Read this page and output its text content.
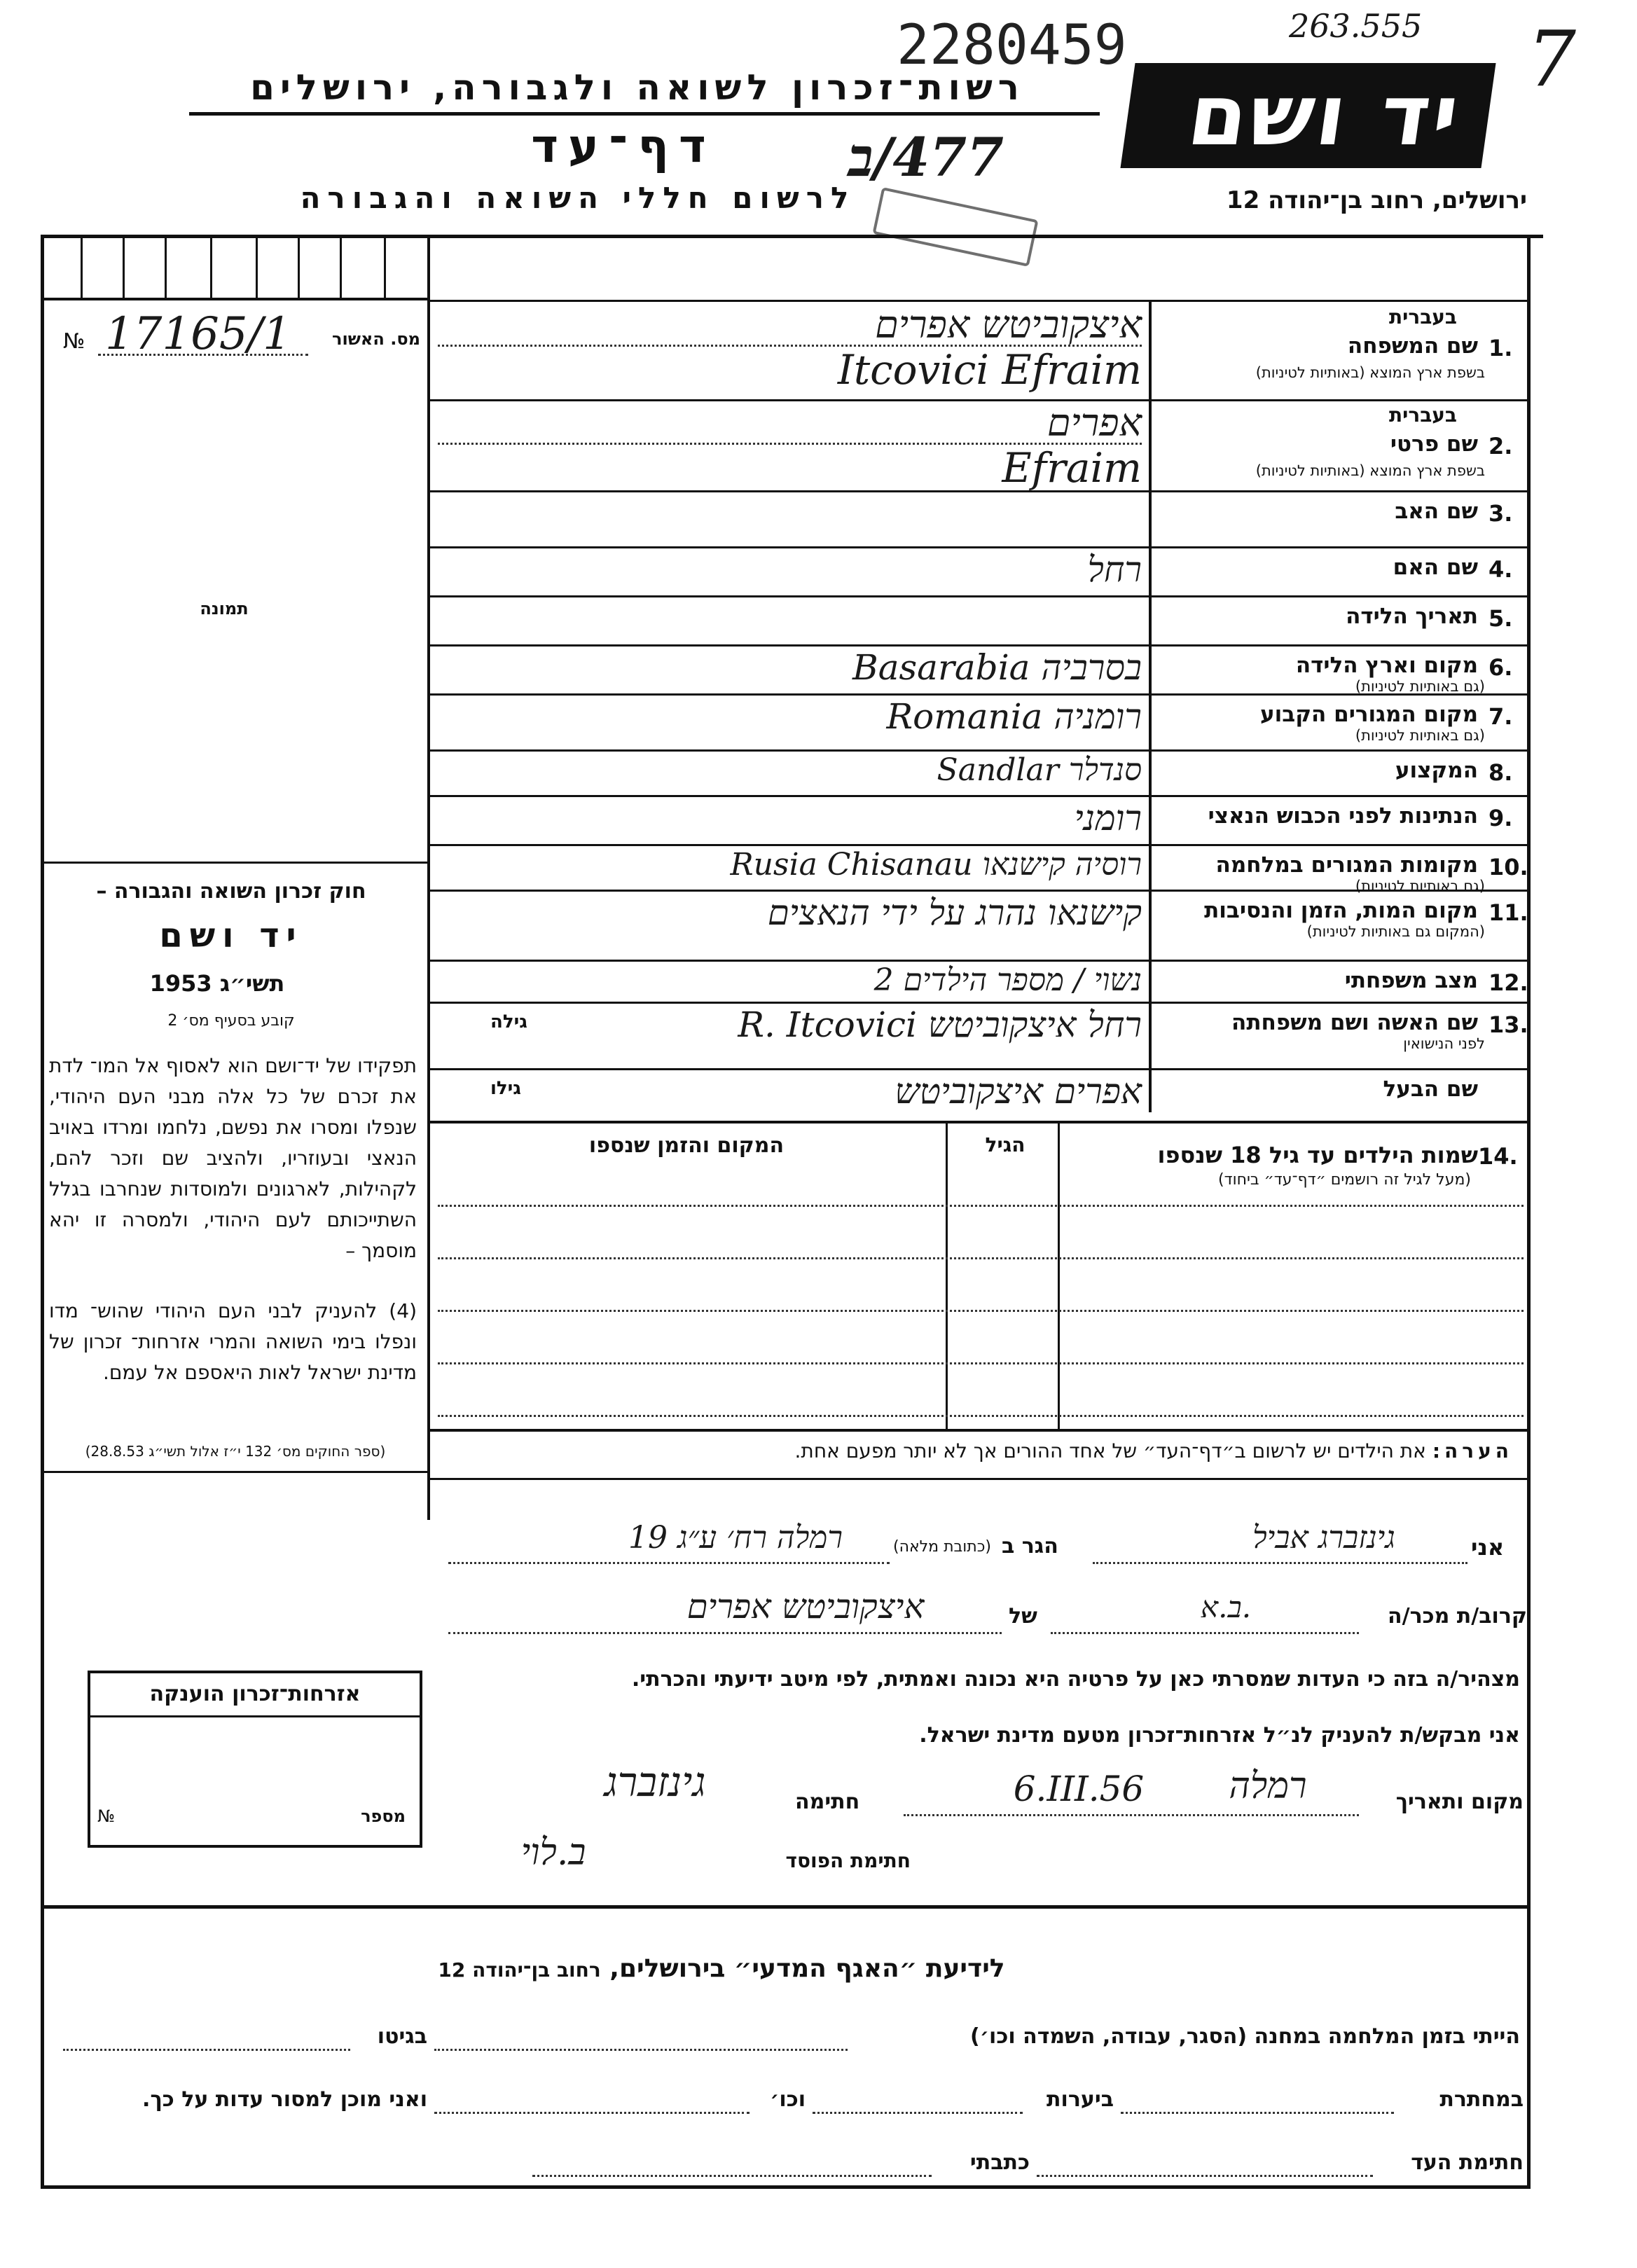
2280459	263.555 7
רשות־זכרון לשואה ולגבורה, ירושלים	יד ושם
דף־עד	477/ב
לרשום חללי השואה והגבורה	ירושלים, רחוב בן־יהודה 12
מס. האשור
№ 17165/1
תמונה
חוק זכרון השואה והגבורה –
יד ושם
תשי״ג 1953
קובע בסעיף מס׳ 2
תפקידו של יד־ושם הוא לאסוף אל המו־ לדת את זכרם של כל אלה מבני העם היהודי, שנפלו ומסרו את נפשם, נלחמו ומרדו באויב הנאצי ובעוזריו, ולהציב שם וזכר להם, לקהילות, לארגונים ולמוסדות שנחרבו בגלל השתייכותם לעם היהודי, ולמסרה זו יהא מוסמך –
(4) להעניק לבני העם היהודי שהוש־ מדו ונפלו בימי השואה והמרי אזרחות־ זכרון של מדינת ישראל לאות היאספם אל עמם.
(ספר החוקים מס׳ 132 י״ז אלול תשי״ג 28.8.53)
אזרחות־זכרון הוענקה
מספר
№
1.
בעברית
שם המשפחה
בשפת ארץ המוצא (באותיות לטיניות)
איצקוביטש אפרים
Itcovici Efraim
2.
בעברית
שם פרטי
בשפת ארץ המוצא (באותיות לטיניות)
אפרים
Efraim
3.
שם האב
4.
שם האם
רחל
5.
תאריך הלידה
6.
מקום וארץ הלידה
(גם באותיות לטיניות)
בסרביה Basarabia
7.
מקום המגורים הקבוע
(גם באותיות לטיניות)
רומניה Romania
8.
המקצוע
סנדלר Sandlar
9.
הנתינות לפני הכבוש הנאצי
רומני
10.
מקומות המגורים במלחמה
(גם באותיות לטיניות)
רוסיה קישנאו Rusia Chisanau
11.
מקום המות, הזמן והנסיבות
(המקום גם באותיות לטיניות)
קישנאו נהרג על ידי הנאצים
12.
מצב משפחתי
נשוי / מספר הילדים 2
13.
שם האשה ושם משפחתה
לפני הנישואין
גילה	רחל איצקוביטש R. Itcovici
שם הבעל
גילו	אפרים איצקוביטש
14.
שמות הילדים עד גיל 18 שנספו
(מעל לגיל זה רושמים ״דף־עד״ ביחוד)
הגיל
המקום והזמן שנספו
הערה: את הילדים יש לרשום ב״דף־העד״ של אחד ההורים אך לא יותר מפעם אחת.
אני
גינזברג אביל
הגר ב
(כתובת מלאה)
רמלה רח׳ ע״ג 19
קרוב/ת מכר/ה
ב.א.
של
איצקוביטש אפרים
מצהיר/ה בזה כי העדות שמסרתי כאן על פרטיה היא נכונה ואמתית, לפי מיטב ידיעתי והכרתי.
אני מבקש/ת להעניק לנ״ל אזרחות־זכרון מטעם מדינת ישראל.
מקום ותאריך
רמלה
6.III.56
חתימה
גינזברג
חתימת הפוסד
ב.לוי
לידיעת ״האגף המדעי״ בירושלים, רחוב בן־יהודה 12
הייתי בזמן המלחמה במחנה (הסגר, עבודה, השמדה וכו׳)
בגיטו
במחתרת
ביערות
וכו׳
ואני מוכן למסור עדות על כך.
חתימת העד
כתבתי
